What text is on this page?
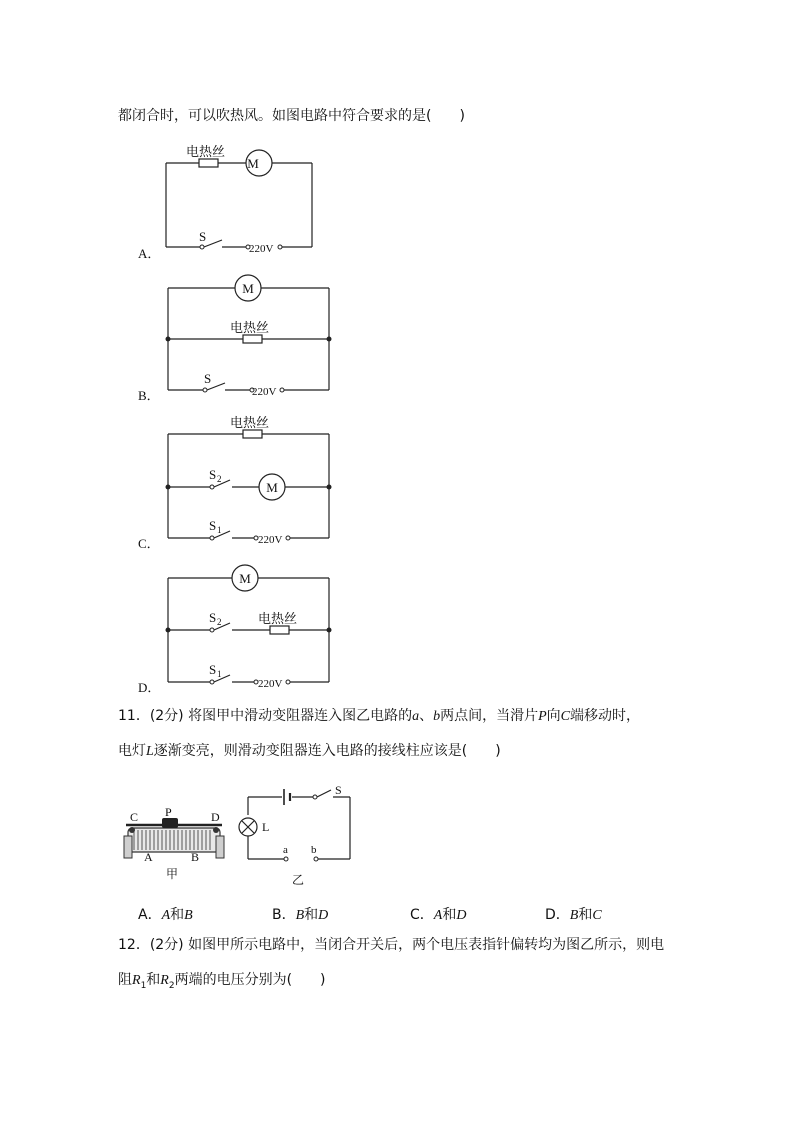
都闭合时，可以吹热风。如图电路中符合要求的是(　　)
电热丝
M
S
220V
M
电热丝
S
220V
电热丝
S 2
M
S 1
220V
M
S 2	电热丝
S 1
220V
C P	D
A	B
甲
S
L
a b
乙
A．
B．
C．
D．
11．(2分) 将图甲中滑动变阻器连入图乙电路的a、b两点间，当滑片P向C端移动时，
电灯L逐渐变亮，则滑动变阻器连入电路的接线柱应该是(　　)
A．A和B	B．B和D	C．A和D	D．B和C
12．(2分) 如图甲所示电路中，当闭合开关后，两个电压表指针偏转均为图乙所示，则电
阻$R_1$和$R_2$两端的电压分别为(　　)
